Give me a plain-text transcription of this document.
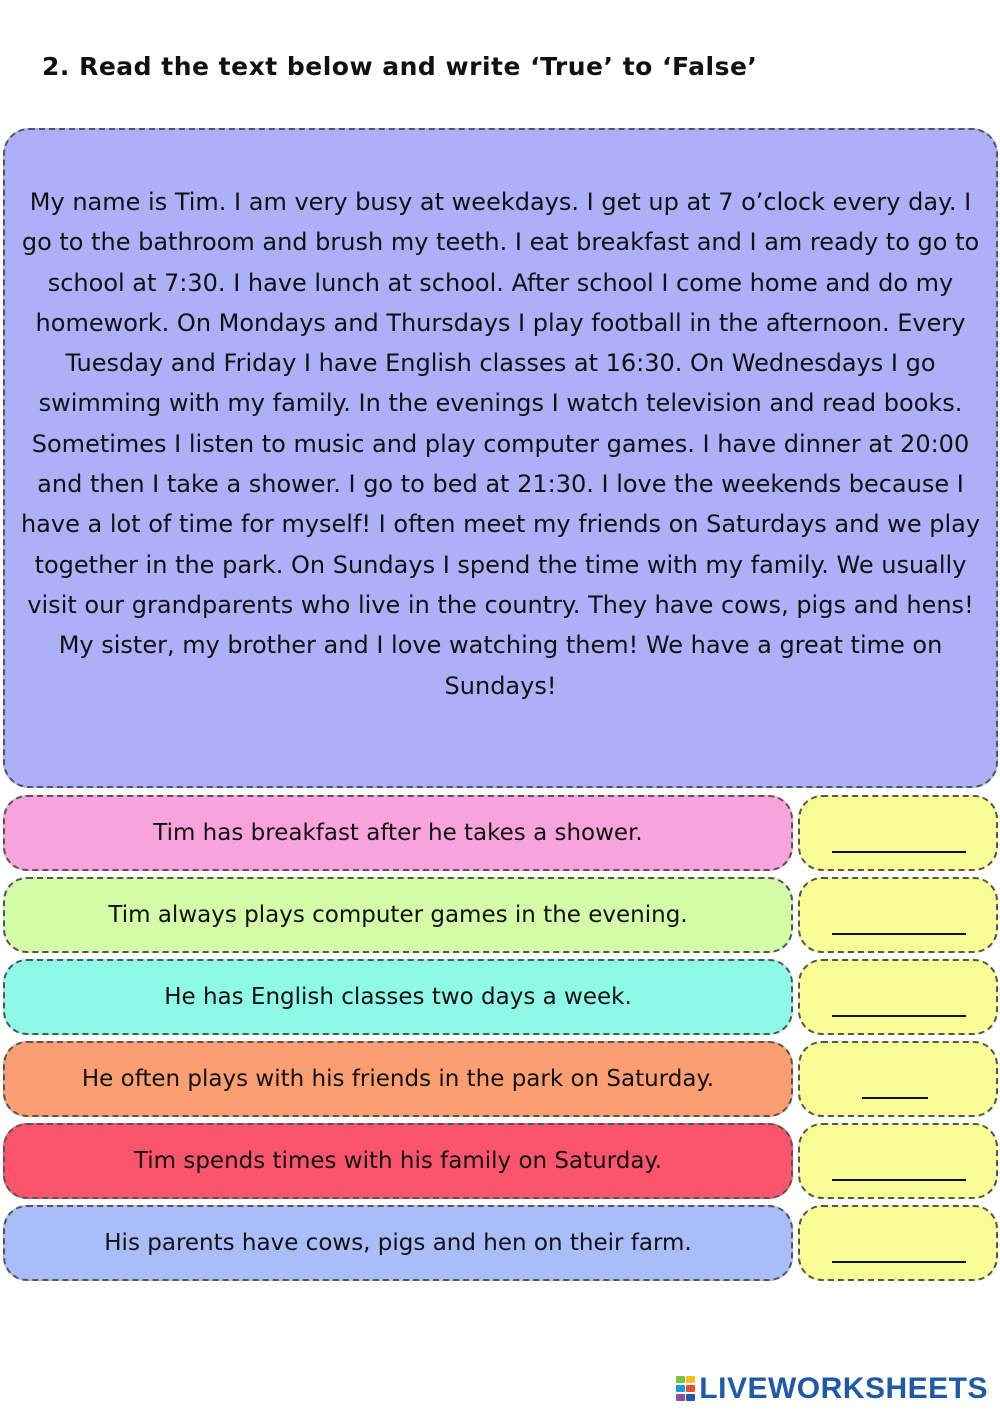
2. Read the text below and write ‘True’ to ‘False’

My name is Tim. I am very busy at weekdays. I get up at 7 o’clock every day. I go to the bathroom and brush my teeth. I eat breakfast and I am ready to go to school at 7:30. I have lunch at school. After school I come home and do my homework. On Mondays and Thursdays I play football in the afternoon. Every Tuesday and Friday I have English classes at 16:30. On Wednesdays I go swimming with my family. In the evenings I watch television and read books. Sometimes I listen to music and play computer games. I have dinner at 20:00 and then I take a shower. I go to bed at 21:30. I love the weekends because I have a lot of time for myself! I often meet my friends on Saturdays and we play together in the park. On Sundays I spend the time with my family. We usually visit our grandparents who live in the country. They have cows, pigs and hens! My sister, my brother and I love watching them! We have a great time on Sundays!

Tim has breakfast after he takes a shower.
Tim always plays computer games in the evening.
He has English classes two days a week.
He often plays with his friends in the park on Saturday.
Tim spends times with his family on Saturday.
His parents have cows, pigs and hen on their farm.
LIVEWORKSHEETS
